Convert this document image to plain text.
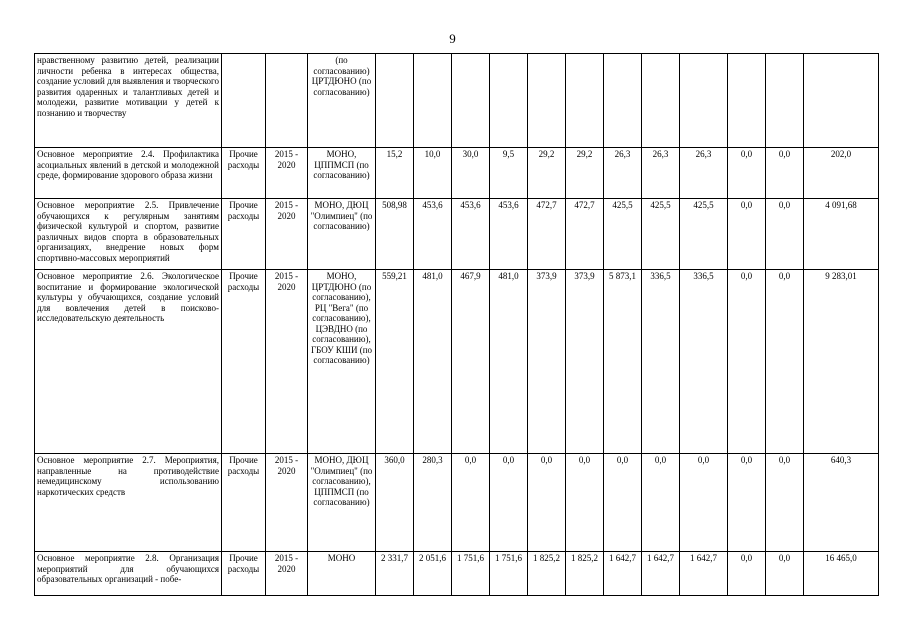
9
нравственному развитию детей, реализации личности ребенка в интересах общества, создание условий для выявления и творческого развития одаренных и талантливых детей и молодежи, развитие мотивации у детей к познанию и творчеству			(по согласованию) ЦРТДЮНО (по согласованию)												
Основное мероприятие 2.4. Профилактика асоциальных явлений в детской и молодежной среде, формирование здорового образа жизни	Прочие расходы	2015 - 2020	МОНО, ЦППМСП (по согласованию)	15,2	10,0	30,0	9,5	29,2	29,2	26,3	26,3	26,3	0,0	0,0	202,0
Основное мероприятие 2.5. Привлечение обучающихся к регулярным занятиям физической культурой и спортом, развитие различных видов спорта в образовательных организациях, внедрение новых форм спортивно-массовых мероприятий	Прочие расходы	2015 - 2020	МОНО, ДЮЦ "Олимпиец" (по согласованию)	508,98	453,6	453,6	453,6	472,7	472,7	425,5	425,5	425,5	0,0	0,0	4 091,68
Основное мероприятие 2.6. Экологическое воспитание и формирование экологической культуры у обучающихся, создание условий для вовлечения детей в поисково-исследовательскую деятельность	Прочие расходы	2015 - 2020	МОНО, ЦРТДЮНО (по согласованию), РЦ "Вега" (по согласованию), ЦЭВДНО (по согласованию), ГБОУ КШИ (по согласованию)	559,21	481,0	467,9	481,0	373,9	373,9	5 873,1	336,5	336,5	0,0	0,0	9 283,01
Основное мероприятие 2.7. Мероприятия, направленные на противодействие немедицинскому использованию наркотических средств	Прочие расходы	2015 - 2020	МОНО, ДЮЦ "Олимпиец" (по согласованию), ЦППМСП (по согласованию)	360,0	280,3	0,0	0,0	0,0	0,0	0,0	0,0	0,0	0,0	0,0	640,3
Основное мероприятие 2.8. Организация мероприятий для обучающихся образовательных организаций - побе-	Прочие расходы	2015 - 2020	МОНО	2 331,7	2 051,6	1 751,6	1 751,6	1 825,2	1 825,2	1 642,7	1 642,7	1 642,7	0,0	0,0	16 465,0
